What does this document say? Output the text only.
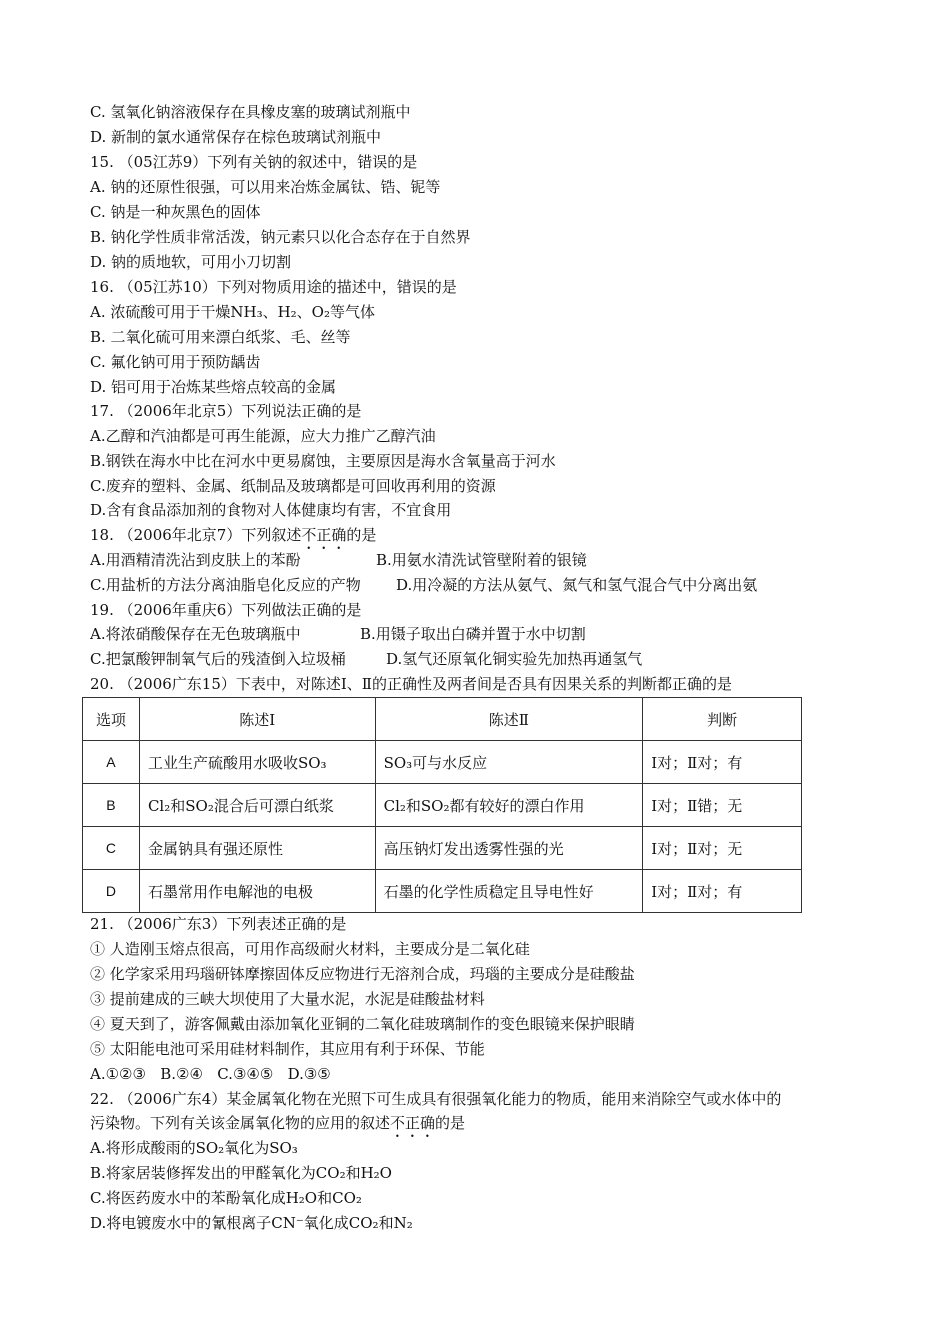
C. 氢氧化钠溶液保存在具橡皮塞的玻璃试剂瓶中
D. 新制的氯水通常保存在棕色玻璃试剂瓶中
15. （05江苏9）下列有关钠的叙述中，错误的是
A. 钠的还原性很强，可以用来冶炼金属钛、锆、铌等
C. 钠是一种灰黑色的固体
B. 钠化学性质非常活泼，钠元素只以化合态存在于自然界
D. 钠的质地软，可用小刀切割
16. （05江苏10）下列对物质用途的描述中，错误的是
A. 浓硫酸可用于干燥NH₃、H₂、O₂等气体
B. 二氧化硫可用来漂白纸浆、毛、丝等
C. 氟化钠可用于预防龋齿
D. 铝可用于冶炼某些熔点较高的金属
17. （2006年北京5）下列说法正确的是
A.乙醇和汽油都是可再生能源，应大力推广乙醇汽油
B.钢铁在海水中比在河水中更易腐蚀，主要原因是海水含氧量高于河水
C.废弃的塑料、金属、纸制品及玻璃都是可回收再利用的资源
D.含有食品添加剂的食物对人体健康均有害，不宜食用
18. （2006年北京7）下列叙述不正确的是
A.用酒精清洗沾到皮肤上的苯酚	B.用氨水清洗试管壁附着的银镜
C.用盐析的方法分离油脂皂化反应的产物 D.用冷凝的方法从氨气、氮气和氢气混合气中分离出氨
19. （2006年重庆6）下列做法正确的是
A.将浓硝酸保存在无色玻璃瓶中	B.用镊子取出白磷并置于水中切割
C.把氯酸钾制氧气后的残渣倒入垃圾桶	D.氢气还原氧化铜实验先加热再通氢气
20. （2006广东15）下表中，对陈述Ⅰ、Ⅱ的正确性及两者间是否具有因果关系的判断都正确的是
选项	陈述Ⅰ	陈述Ⅱ	判断
A	工业生产硫酸用水吸收SO₃	SO₃可与水反应	Ⅰ对；Ⅱ对；有
B	Cl₂和SO₂混合后可漂白纸浆	Cl₂和SO₂都有较好的漂白作用	Ⅰ对；Ⅱ错；无
C	金属钠具有强还原性	高压钠灯发出透雾性强的光	Ⅰ对；Ⅱ对；无
D	石墨常用作电解池的电极	石墨的化学性质稳定且导电性好	Ⅰ对；Ⅱ对；有
21. （2006广东3）下列表述正确的是
① 人造刚玉熔点很高，可用作高级耐火材料，主要成分是二氧化硅
② 化学家采用玛瑙研钵摩擦固体反应物进行无溶剂合成，玛瑙的主要成分是硅酸盐
③ 提前建成的三峡大坝使用了大量水泥，水泥是硅酸盐材料
④ 夏天到了，游客佩戴由添加氧化亚铜的二氧化硅玻璃制作的变色眼镜来保护眼睛
⑤ 太阳能电池可采用硅材料制作，其应用有利于环保、节能
A.①②③   B.②④   C.③④⑤   D.③⑤
22. （2006广东4）某金属氧化物在光照下可生成具有很强氧化能力的物质，能用来消除空气或水体中的
污染物。下列有关该金属氧化物的应用的叙述不正确的是
A.将形成酸雨的SO₂氧化为SO₃
B.将家居装修挥发出的甲醛氧化为CO₂和H₂O
C.将医药废水中的苯酚氧化成H₂O和CO₂
D.将电镀废水中的氰根离子CN⁻氧化成CO₂和N₂
